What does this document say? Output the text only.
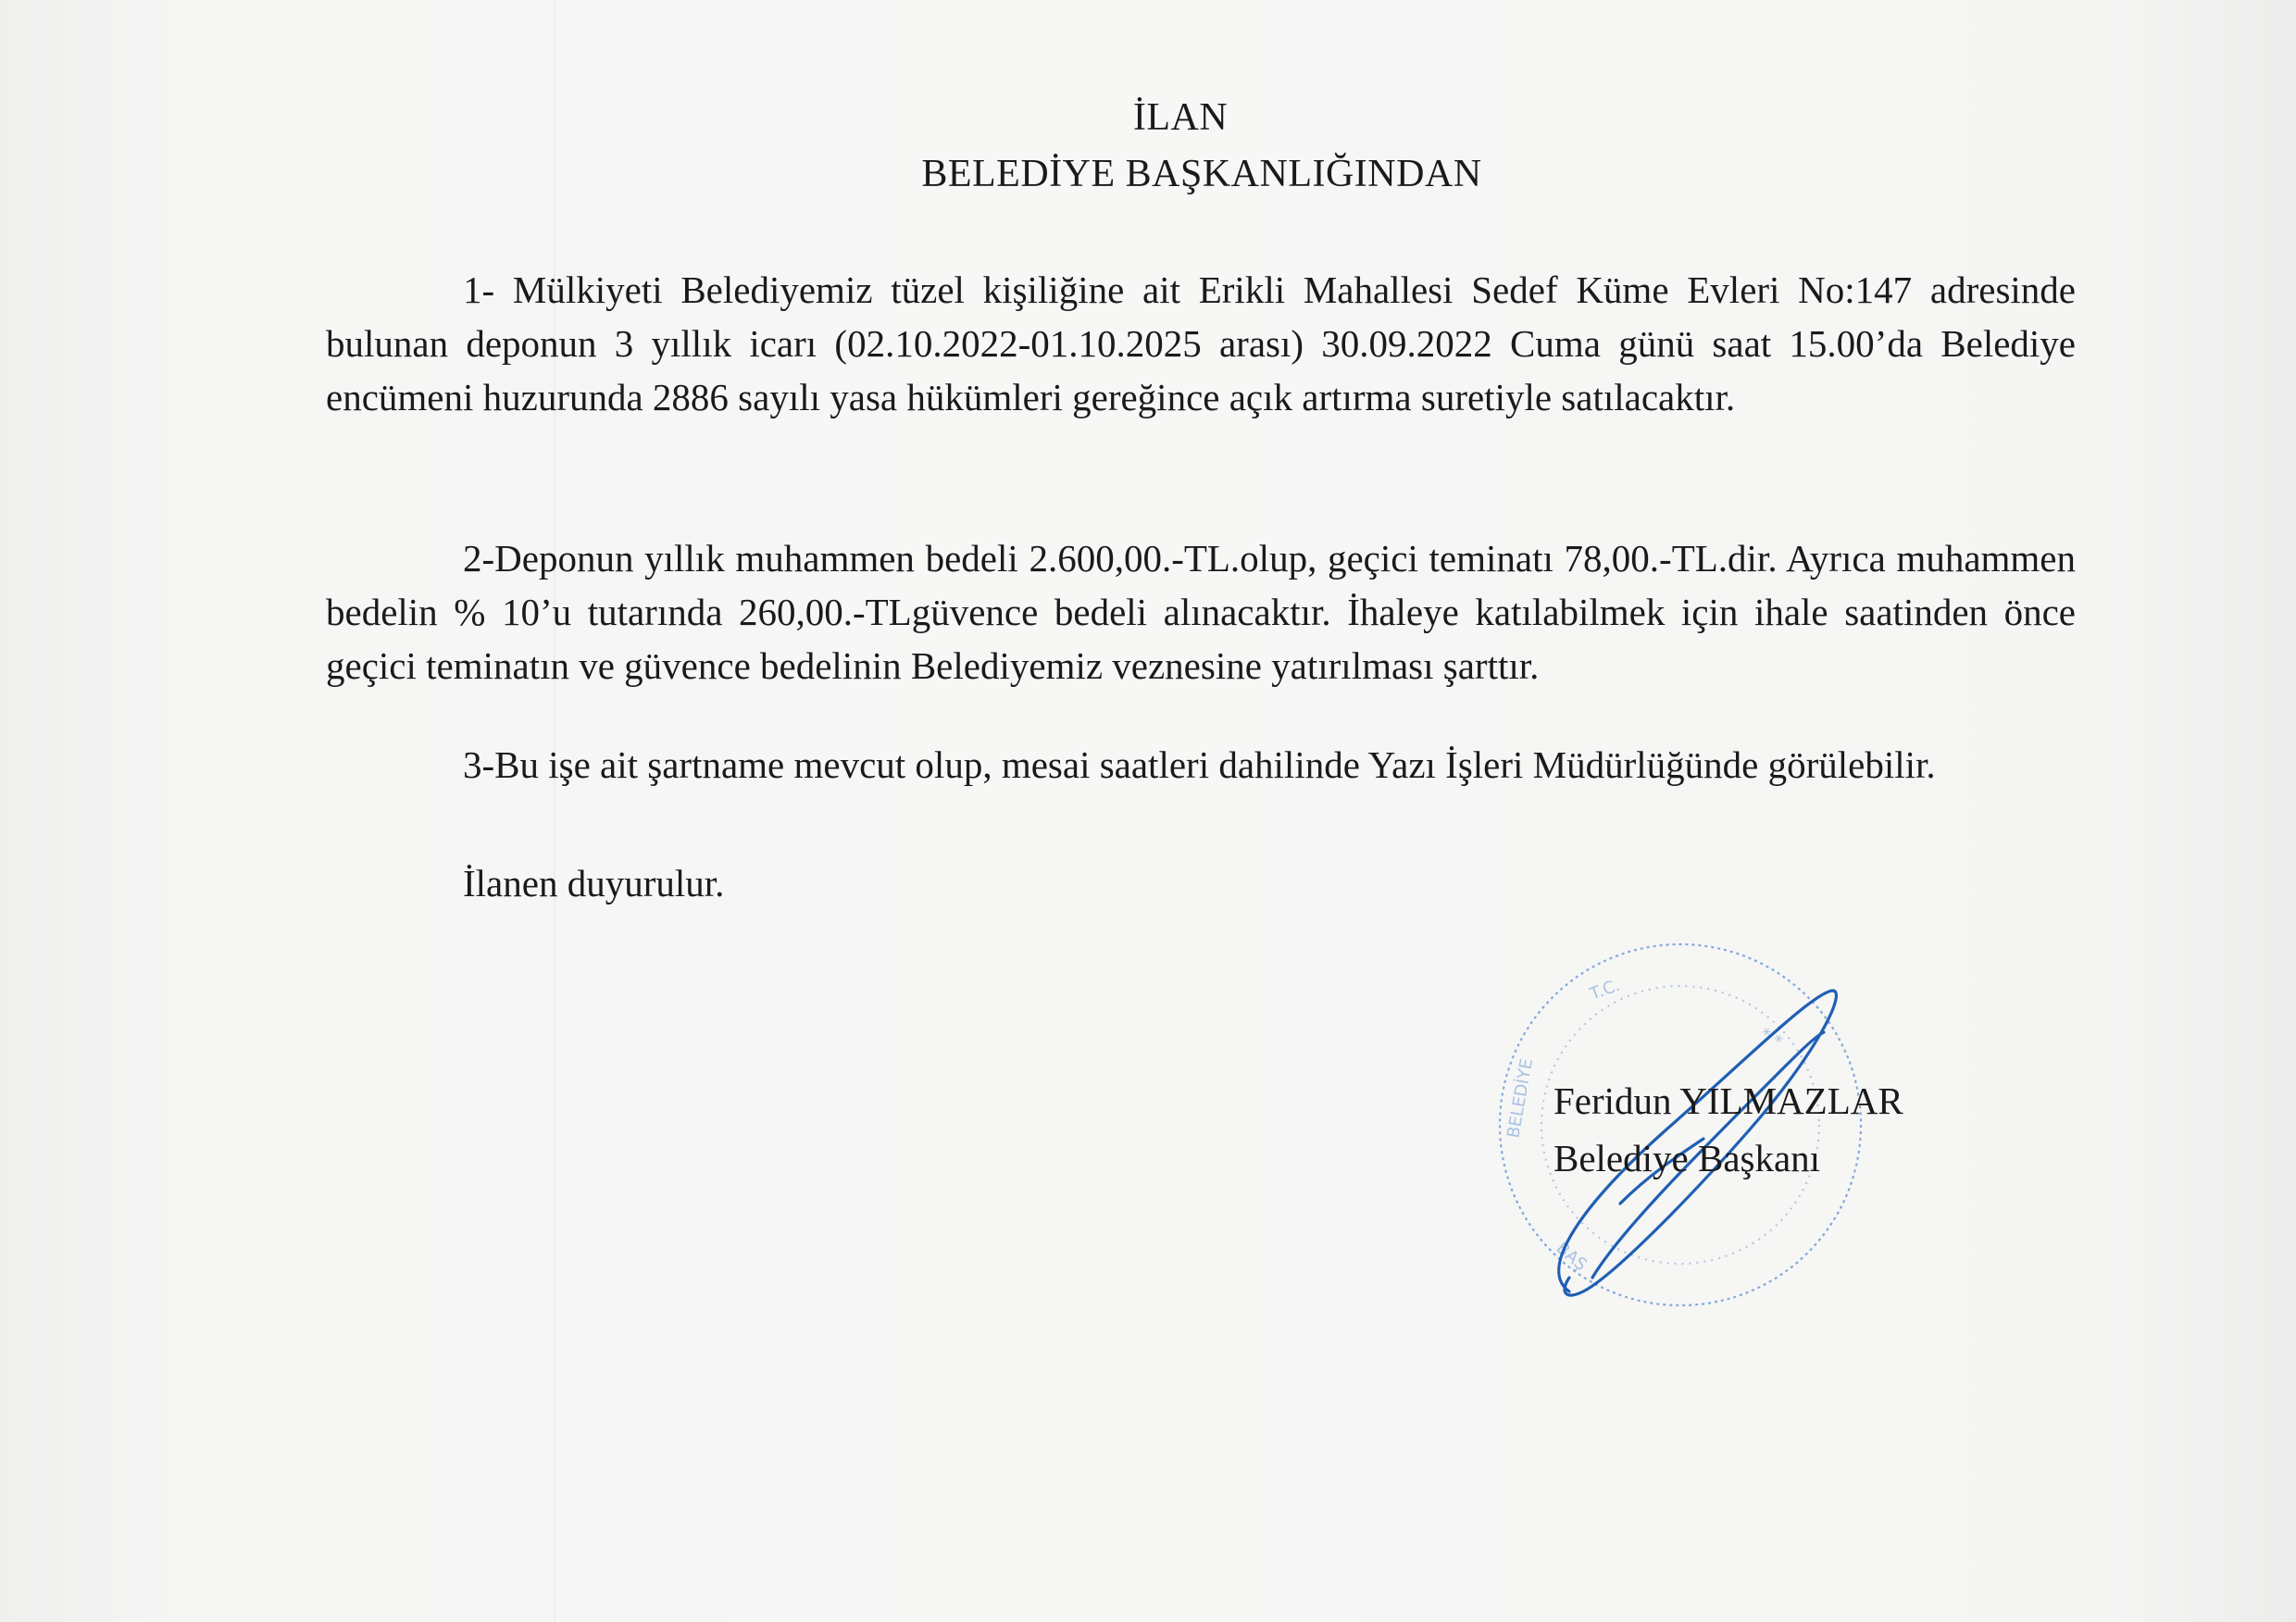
İLAN
BELEDİYE BAŞKANLIĞINDAN

1- Mülkiyeti Belediyemiz tüzel kişiliğine ait Erikli Mahallesi Sedef Küme Evleri No:147 adresinde bulunan deponun 3 yıllık icarı (02.10.2022-01.10.2025 arası) 30.09.2022 Cuma günü saat 15.00’da Belediye encümeni huzurunda 2886 sayılı yasa hükümleri gereğince açık artırma suretiyle satılacaktır.

2-Deponun yıllık muhammen bedeli 2.600,00.-TL.olup, geçici teminatı 78,00.-TL.dir. Ayrıca muhammen bedelin % 10’u tutarında 260,00.-TLgüvence bedeli alınacaktır. İhaleye katılabilmek için ihale saatinden önce geçici teminatın ve güvence bedelinin Belediyemiz veznesine yatırılması şarttır.

3-Bu işe ait şartname mevcut olup, mesai saatleri dahilinde Yazı İşleri Müdürlüğünde görülebilir.

İlanen duyurulur.

T.C.
BELEDİYE
BAŞ
* *
Feridun YILMAZLAR
Belediye Başkanı
